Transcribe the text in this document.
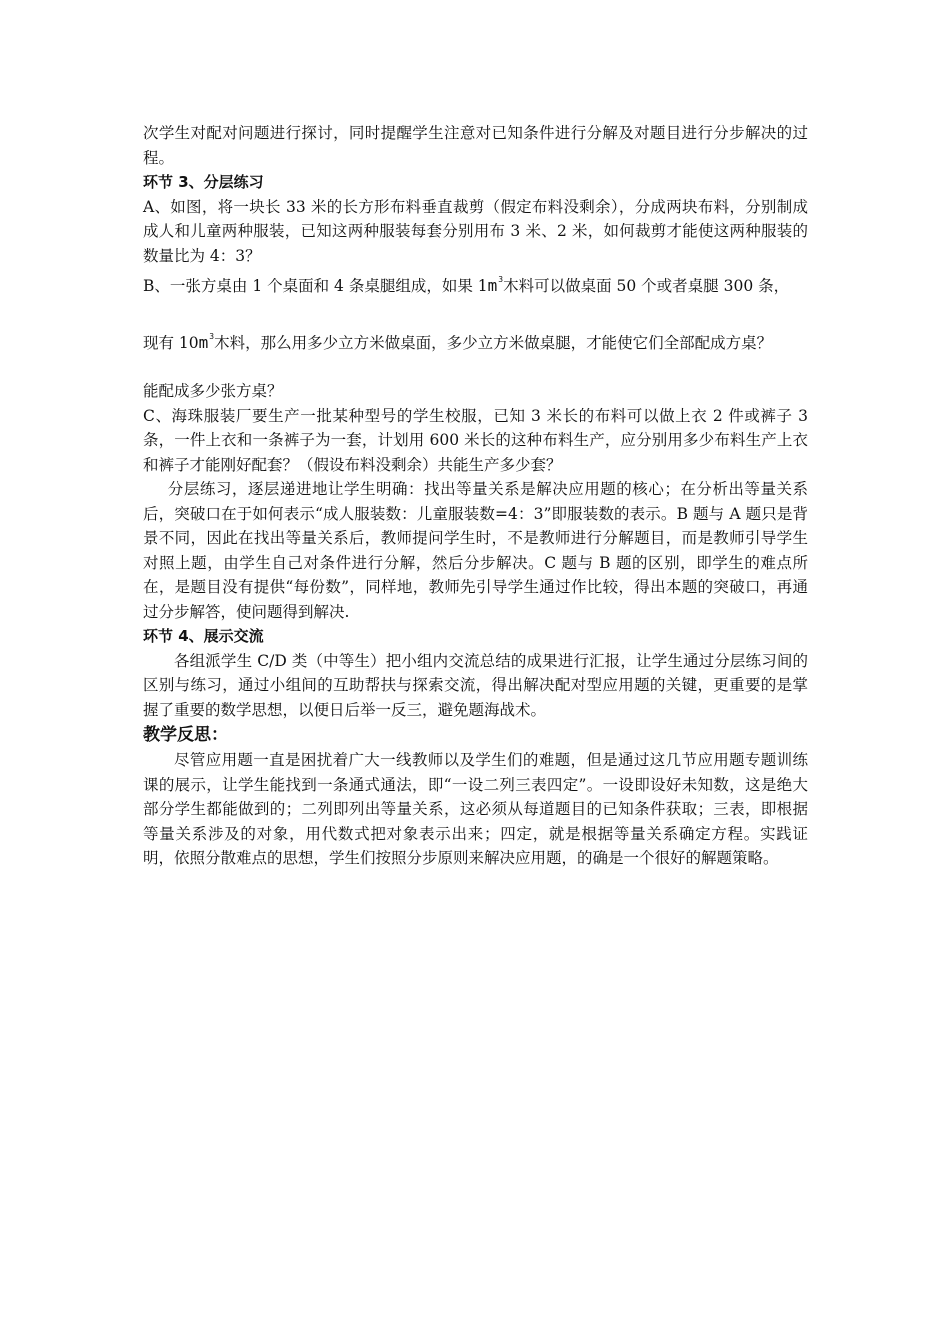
次学生对配对问题进行探讨，同时提醒学生注意对已知条件进行分解及对题目进行分步解决的过程。

环节 3、分层练习

A、如图，将一块长 33 米的长方形布料垂直裁剪（假定布料没剩余），分成两块布料，分别制成成人和儿童两种服装，已知这两种服装每套分别用布 3 米、2 米，如何裁剪才能使这两种服装的数量比为 4：3？

B、一张方桌由 1 个桌面和 4 条桌腿组成，如果 $1m^3$木料可以做桌面 50 个或者桌腿 300 条，

现有 $10m^3$木料，那么用多少立方米做桌面，多少立方米做桌腿，才能使它们全部配成方桌？

能配成多少张方桌？

C、海珠服装厂要生产一批某种型号的学生校服，已知 3 米长的布料可以做上衣 2 件或裤子 3 条，一件上衣和一条裤子为一套，计划用 600 米长的这种布料生产，应分别用多少布料生产上衣和裤子才能刚好配套？（假设布料没剩余）共能生产多少套？

分层练习，逐层递进地让学生明确：找出等量关系是解决应用题的核心；在分析出等量关系后，突破口在于如何表示“成人服装数：儿童服装数=4：3”即服装数的表示。B 题与 A 题只是背景不同，因此在找出等量关系后，教师提问学生时，不是教师进行分解题目，而是教师引导学生对照上题，由学生自己对条件进行分解，然后分步解决。C 题与 B 题的区别，即学生的难点所在，是题目没有提供“每份数”，同样地，教师先引导学生通过作比较，得出本题的突破口，再通过分步解答，使问题得到解决.

环节 4、展示交流

各组派学生 C/D 类（中等生）把小组内交流总结的成果进行汇报，让学生通过分层练习间的区别与练习，通过小组间的互助帮扶与探索交流，得出解决配对型应用题的关键，更重要的是掌握了重要的数学思想，以便日后举一反三，避免题海战术。

教学反思：

尽管应用题一直是困扰着广大一线教师以及学生们的难题，但是通过这几节应用题专题训练课的展示，让学生能找到一条通式通法，即“一设二列三表四定”。一设即设好未知数，这是绝大部分学生都能做到的；二列即列出等量关系，这必须从每道题目的已知条件获取；三表，即根据等量关系涉及的对象，用代数式把对象表示出来；四定，就是根据等量关系确定方程。实践证明，依照分散难点的思想，学生们按照分步原则来解决应用题，的确是一个很好的解题策略。
